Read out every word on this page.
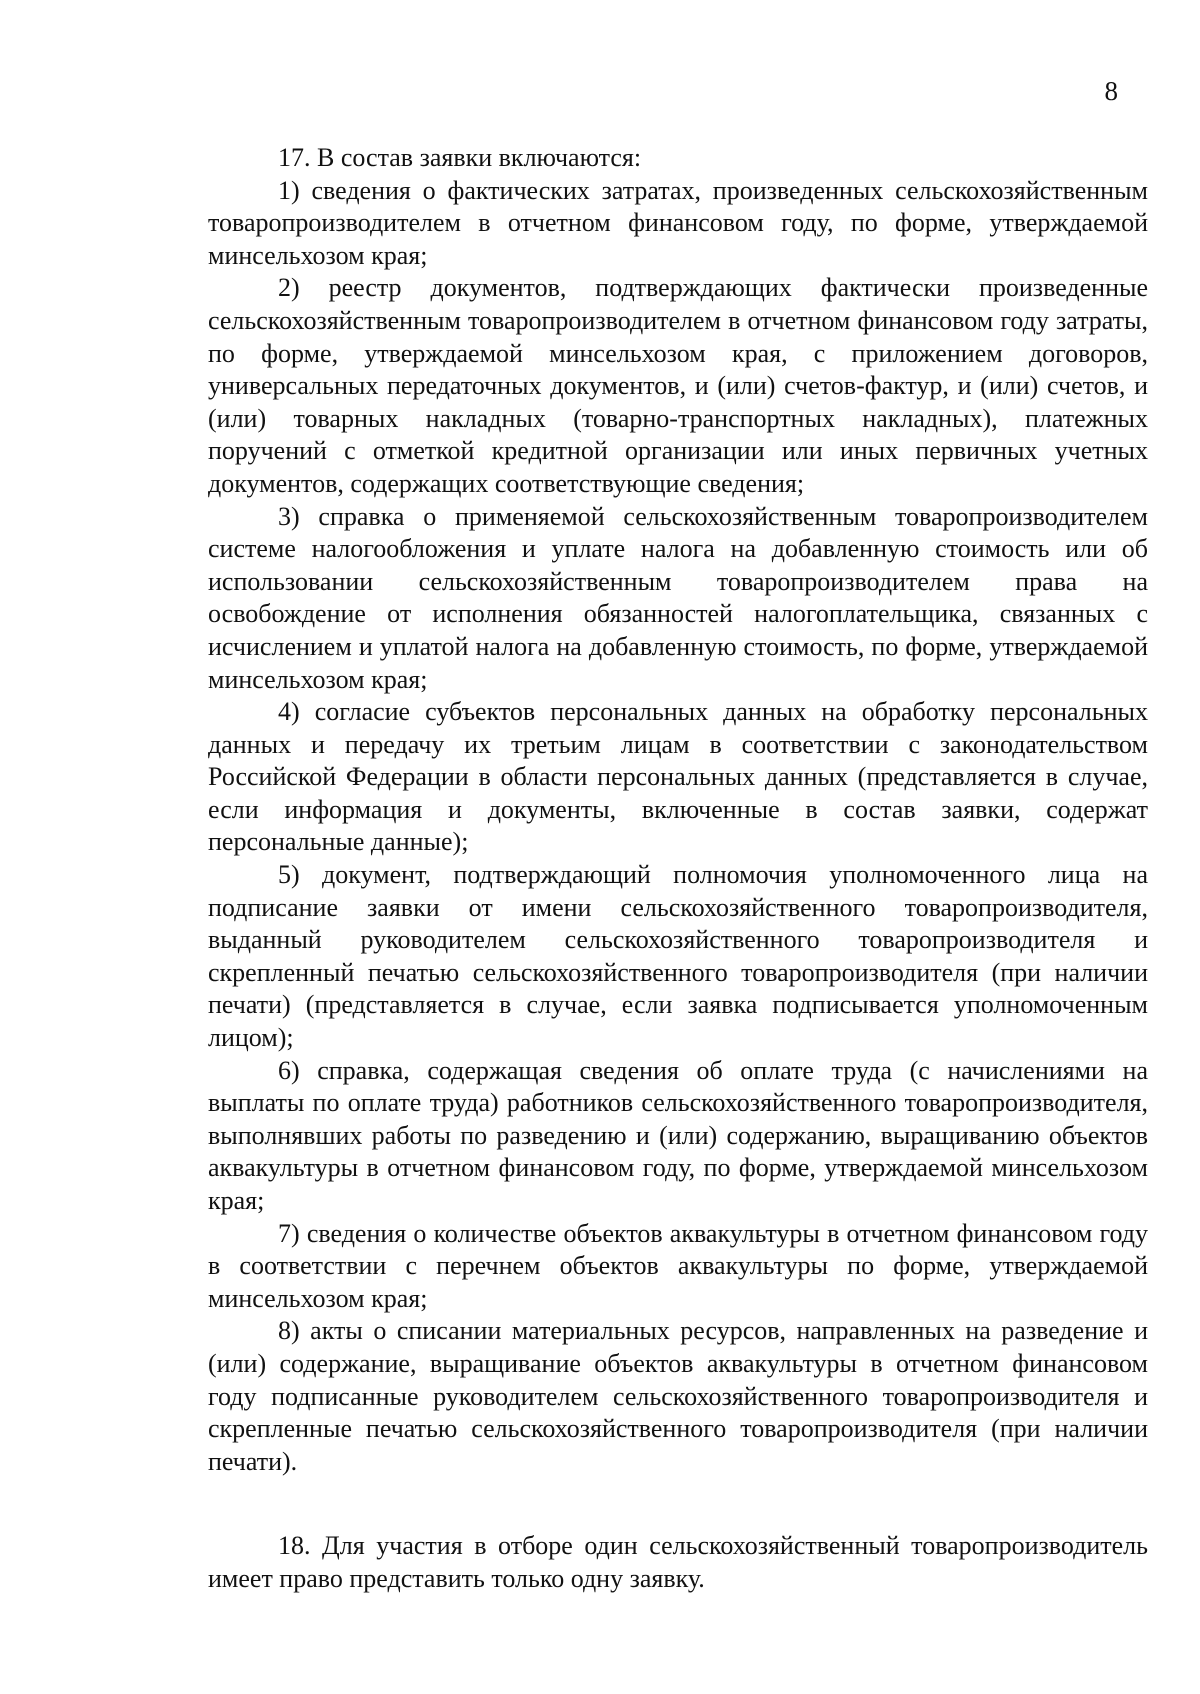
8

17. В состав заявки включаются:

1) сведения о фактических затратах, произведенных сельскохозяйственным товаропроизводителем в отчетном финансовом году, по форме, утверждаемой минсельхозом края;

2) реестр документов, подтверждающих фактически произведенные сельскохозяйственным товаропроизводителем в отчетном финансовом году затраты, по форме, утверждаемой минсельхозом края, с приложением договоров, универсальных передаточных документов, и (или) счетов-фактур, и (или) счетов, и (или) товарных накладных (товарно-транспортных накладных), платежных поручений с отметкой кредитной организации или иных первичных учетных документов, содержащих соответствующие сведения;

3) справка о применяемой сельскохозяйственным товаропроизводителем системе налогообложения и уплате налога на добавленную стоимость или об использовании сельскохозяйственным товаропроизводителем права на освобождение от исполнения обязанностей налогоплательщика, связанных с исчислением и уплатой налога на добавленную стоимость, по форме, утверждаемой минсельхозом края;

4) согласие субъектов персональных данных на обработку персональных данных и передачу их третьим лицам в соответствии с законодательством Российской Федерации в области персональных данных (представляется в случае, если информация и документы, включенные в состав заявки, содержат персональные данные);

5) документ, подтверждающий полномочия уполномоченного лица на подписание заявки от имени сельскохозяйственного товаропроизводителя, выданный руководителем сельскохозяйственного товаропроизводителя и скрепленный печатью сельскохозяйственного товаропроизводителя (при наличии печати) (представляется в случае, если заявка подписывается уполномоченным лицом);

6) справка, содержащая сведения об оплате труда (с начислениями на выплаты по оплате труда) работников сельскохозяйственного товаропроизводителя, выполнявших работы по разведению и (или) содержанию, выращиванию объектов аквакультуры в отчетном финансовом году, по форме, утверждаемой минсельхозом края;

7) сведения о количестве объектов аквакультуры в отчетном финансовом году в соответствии с перечнем объектов аквакультуры по форме, утверждаемой минсельхозом края;

8) акты о списании материальных ресурсов, направленных на разведение и (или) содержание, выращивание объектов аквакультуры в отчетном финансовом году подписанные руководителем сельскохозяйственного товаропроизводителя и скрепленные печатью сельскохозяйственного товаропроизводителя (при наличии печати).

18. Для участия в отборе один сельскохозяйственный товаропроизводитель имеет право представить только одну заявку.
